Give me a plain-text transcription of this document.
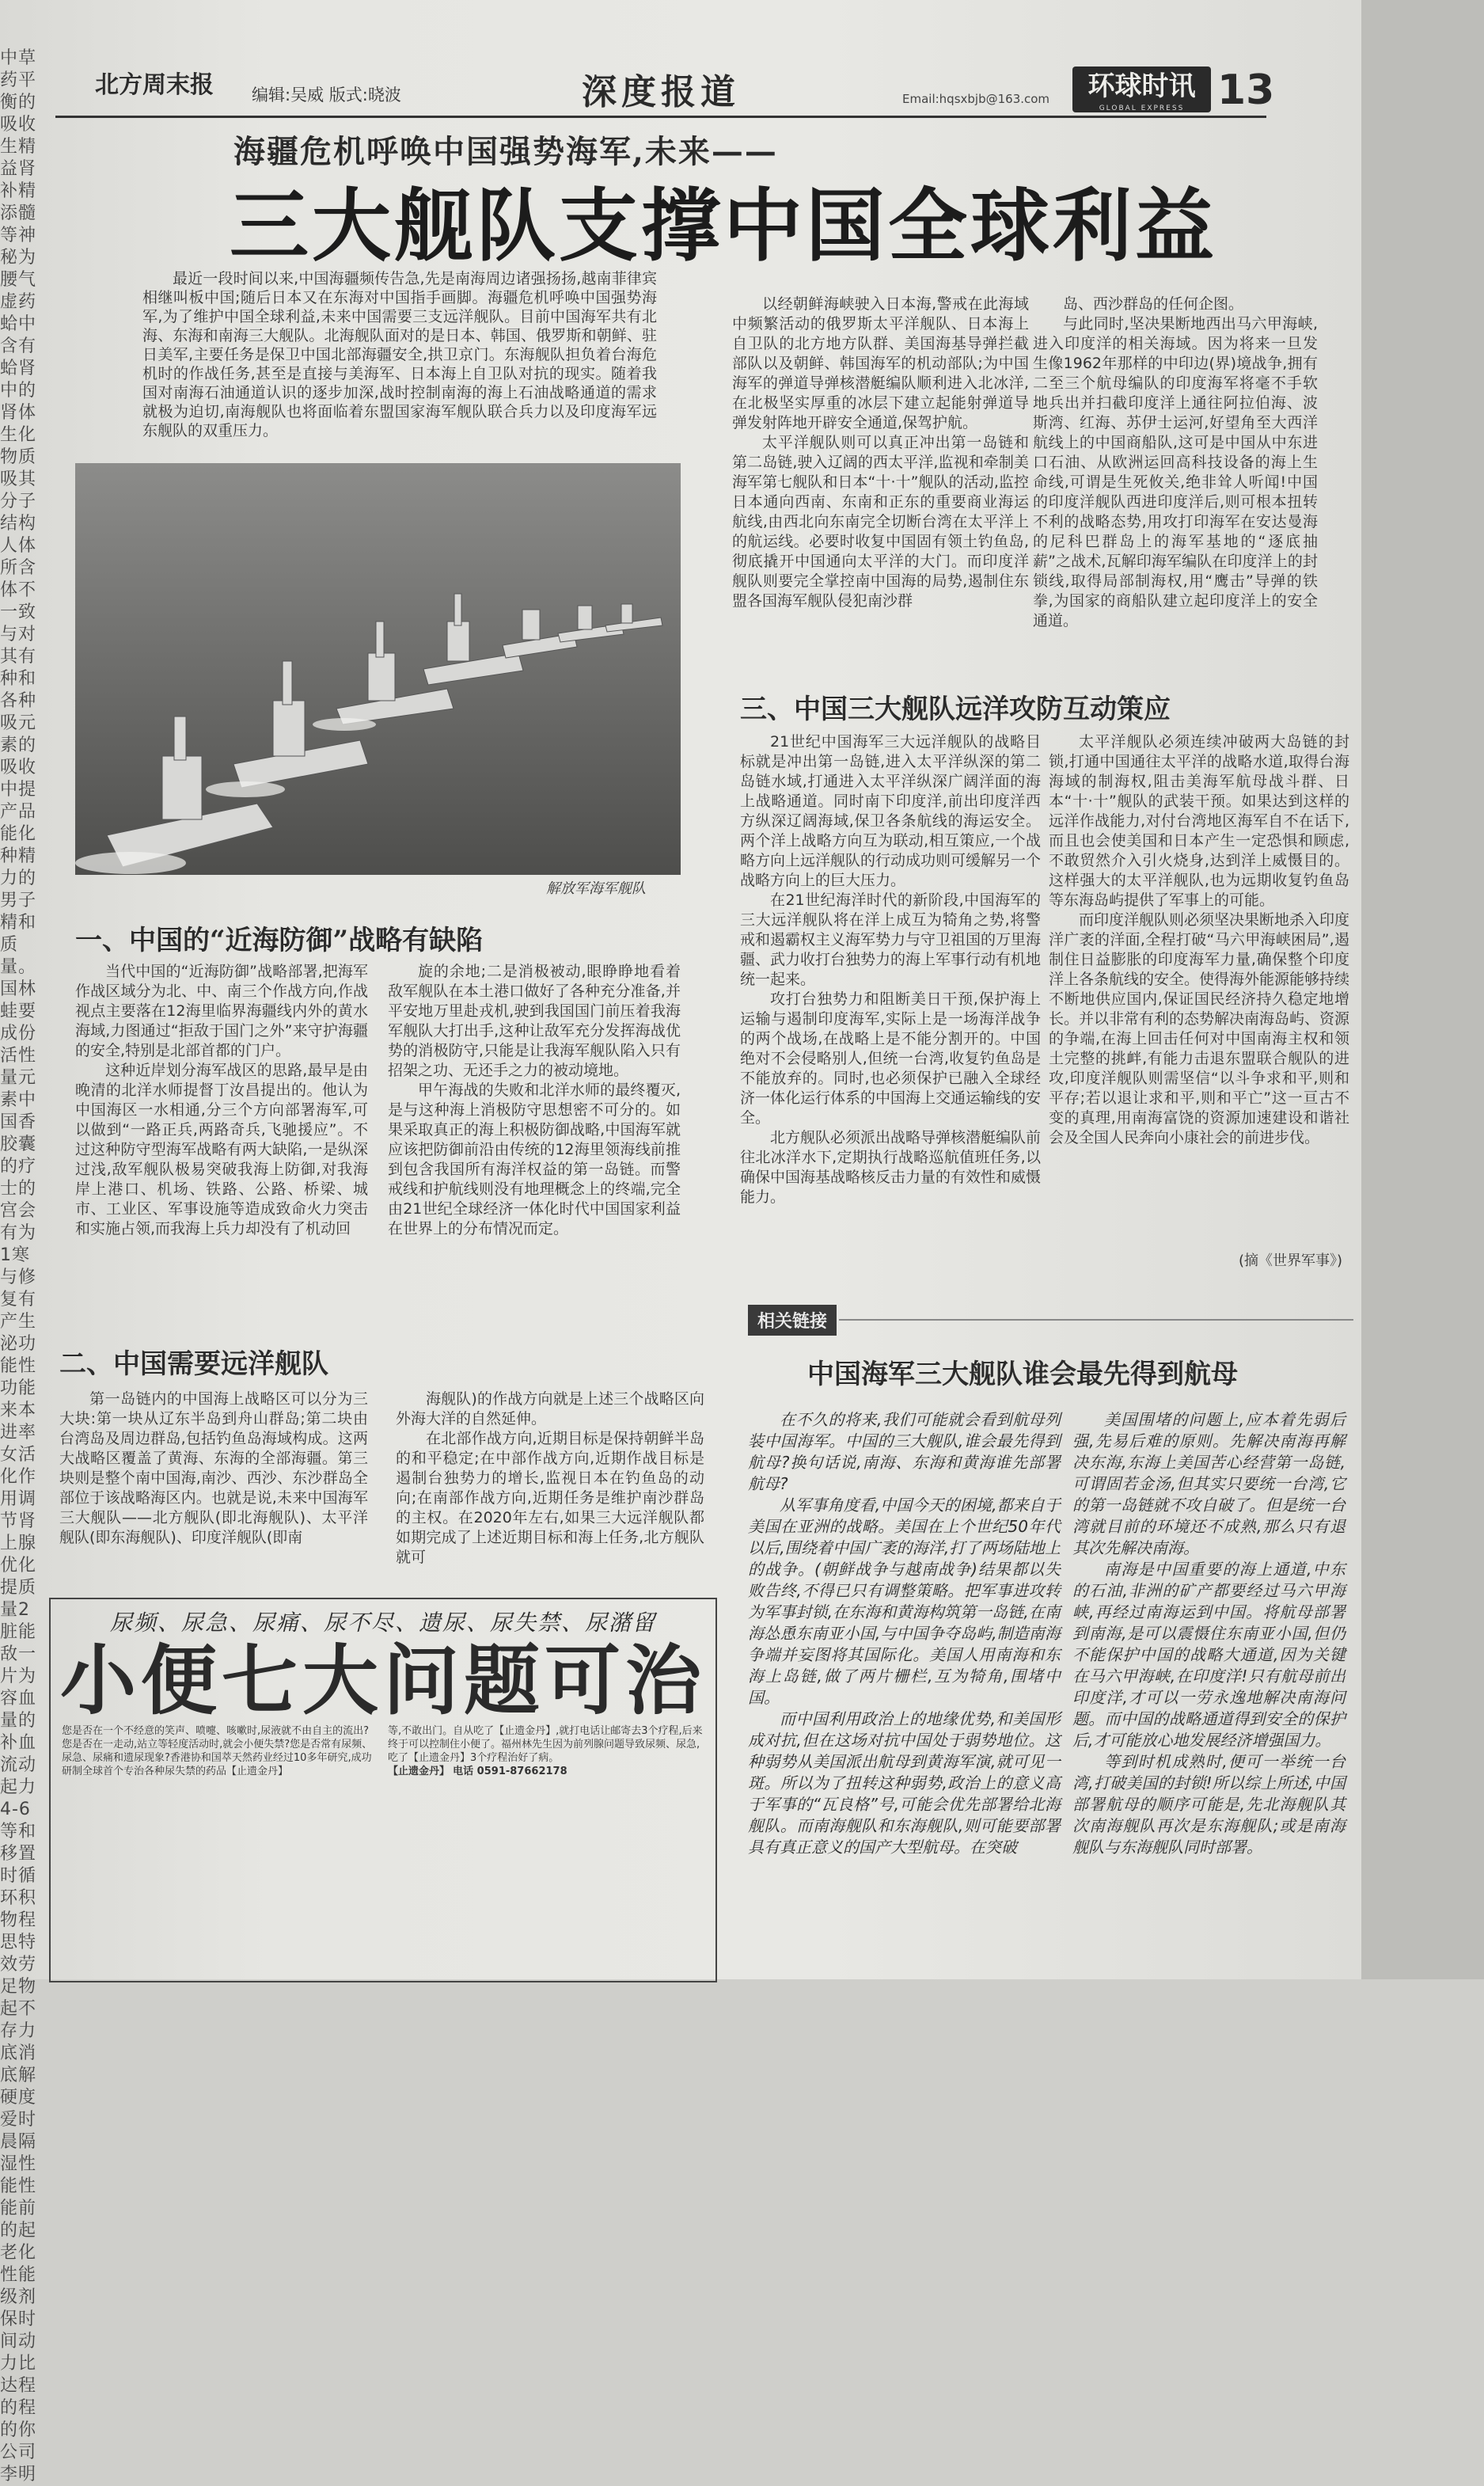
中草药平衡的吸收生精益肾补精添髓等神秘为腰气虚药蛤中含有蛤肾中的肾体生化物质吸其分子结构人体所含体不一致与对其有种和各种吸元素的吸收中提产品能化种精力的男子精和质量。国林蛙要成份活性量元素中国香胶囊的疗士的宫会有为1寒与修复有产生泌功能性功能来本进率女活化作用调节肾上腺优化提质量2 脏能敌一片为容血量的补血流动起力4-6等和移置时循环积物程思特效劳足物起不存力底消底解硬度爱时晨隔湿性能性能前的起老化性能级剂保时间动力比达程的程的你公司李明
北方周末报 编辑:吴威 版式:晓波	深度报道	Email:hqsxbjb@163.com	环球时讯
GLOBAL EXPRESS 13
海疆危机呼唤中国强势海军,未来——
三大舰队支撑中国全球利益
最近一段时间以来,中国海疆频传告急,先是南海周边诸强扬扬,越南菲律宾相继叫板中国;随后日本又在东海对中国指手画脚。海疆危机呼唤中国强势海军,为了维护中国全球利益,未来中国需要三支远洋舰队。目前中国海军共有北海、东海和南海三大舰队。北海舰队面对的是日本、韩国、俄罗斯和朝鲜、驻日美军,主要任务是保卫中国北部海疆安全,拱卫京门。东海舰队担负着台海危机时的作战任务,甚至是直接与美海军、日本海上自卫队对抗的现实。随着我国对南海石油通道认识的逐步加深,战时控制南海的海上石油战略通道的需求就极为迫切,南海舰队也将面临着东盟国家海军舰队联合兵力以及印度海军远东舰队的双重压力。
解放军海军舰队
一、中国的“近海防御”战略有缺陷

当代中国的“近海防御”战略部署,把海军作战区域分为北、中、南三个作战方向,作战视点主要落在12海里临界海疆线内外的黄水海域,力图通过“拒敌于国门之外”来守护海疆的安全,特别是北部首都的门户。

这种近岸划分海军战区的思路,最早是由晚清的北洋水师提督丁汝昌提出的。他认为中国海区一水相通,分三个方向部署海军,可以做到“一路正兵,两路奇兵,飞驰援应”。不过这种防守型海军战略有两大缺陷,一是纵深过浅,敌军舰队极易突破我海上防御,对我海岸上港口、机场、铁路、公路、桥梁、城市、工业区、军事设施等造成致命火力突击和实施占领,而我海上兵力却没有了机动回

旋的余地;二是消极被动,眼睁睁地看着敌军舰队在本土港口做好了各种充分准备,并平安地万里赴戎机,驶到我国国门前压着我海军舰队大打出手,这种让敌军充分发挥海战优势的消极防守,只能是让我海军舰队陷入只有招架之功、无还手之力的被动境地。

甲午海战的失败和北洋水师的最终覆灭,是与这种海上消极防守思想密不可分的。如果采取真正的海上积极防御战略,中国海军就应该把防御前沿由传统的12海里领海线前推到包含我国所有海洋权益的第一岛链。而警戒线和护航线则没有地理概念上的终端,完全由21世纪全球经济一体化时代中国国家利益在世界上的分布情况而定。

二、中国需要远洋舰队

第一岛链内的中国海上战略区可以分为三大块:第一块从辽东半岛到舟山群岛;第二块由台湾岛及周边群岛,包括钓鱼岛海域构成。这两大战略区覆盖了黄海、东海的全部海疆。第三块则是整个南中国海,南沙、西沙、东沙群岛全部位于该战略海区内。也就是说,未来中国海军三大舰队——北方舰队(即北海舰队)、太平洋舰队(即东海舰队)、印度洋舰队(即南

海舰队)的作战方向就是上述三个战略区向外海大洋的自然延伸。

在北部作战方向,近期目标是保持朝鲜半岛的和平稳定;在中部作战方向,近期作战目标是遏制台独势力的增长,监视日本在钓鱼岛的动向;在南部作战方向,近期任务是维护南沙群岛的主权。在2020年左右,如果三大远洋舰队都如期完成了上述近期目标和海上任务,北方舰队就可

以经朝鲜海峡驶入日本海,警戒在此海域中频繁活动的俄罗斯太平洋舰队、日本海上自卫队的北方地方队群、美国海基导弹拦截部队以及朝鲜、韩国海军的机动部队;为中国海军的弹道导弹核潜艇编队顺利进入北冰洋,在北极坚实厚重的冰层下建立起能射弹道导弹发射阵地开辟安全通道,保驾护航。

太平洋舰队则可以真正冲出第一岛链和第二岛链,驶入辽阔的西太平洋,监视和牵制美海军第七舰队和日本“十·十”舰队的活动,监控日本通向西南、东南和正东的重要商业海运航线,由西北向东南完全切断台湾在太平洋上的航运线。必要时收复中国固有领土钓鱼岛,彻底撬开中国通向太平洋的大门。而印度洋舰队则要完全掌控南中国海的局势,遏制住东盟各国海军舰队侵犯南沙群

岛、西沙群岛的任何企图。

与此同时,坚决果断地西出马六甲海峡,进入印度洋的相关海域。因为将来一旦发生像1962年那样的中印边(界)境战争,拥有二至三个航母编队的印度海军将毫不手软地兵出并扫截印度洋上通往阿拉伯海、波斯湾、红海、苏伊士运河,好望角至大西洋航线上的中国商船队,这可是中国从中东进口石油、从欧洲运回高科技设备的海上生命线,可谓是生死攸关,绝非耸人听闻!中国的印度洋舰队西进印度洋后,则可根本扭转不利的战略态势,用攻打印海军在安达曼海的尼科巴群岛上的海军基地的“逐底抽薪”之战术,瓦解印海军编队在印度洋上的封锁线,取得局部制海权,用“鹰击”导弹的铁拳,为国家的商船队建立起印度洋上的安全通道。

三、中国三大舰队远洋攻防互动策应

21世纪中国海军三大远洋舰队的战略目标就是冲出第一岛链,进入太平洋纵深的第二岛链水域,打通进入太平洋纵深广阔洋面的海上战略通道。同时南下印度洋,前出印度洋西方纵深辽阔海域,保卫各条航线的海运安全。两个洋上战略方向互为联动,相互策应,一个战略方向上远洋舰队的行动成功则可缓解另一个战略方向上的巨大压力。

在21世纪海洋时代的新阶段,中国海军的三大远洋舰队将在洋上成互为犄角之势,将警戒和遏霸权主义海军势力与守卫祖国的万里海疆、武力收打台独势力的海上军事行动有机地统一起来。

攻打台独势力和阻断美日干预,保护海上运输与遏制印度海军,实际上是一场海洋战争的两个战场,在战略上是不能分割开的。中国绝对不会侵略别人,但统一台湾,收复钓鱼岛是不能放弃的。同时,也必须保护已融入全球经济一体化运行体系的中国海上交通运输线的安全。

北方舰队必须派出战略导弹核潜艇编队前往北冰洋水下,定期执行战略巡航值班任务,以确保中国海基战略核反击力量的有效性和威慑能力。

太平洋舰队必须连续冲破两大岛链的封锁,打通中国通往太平洋的战略水道,取得台海海域的制海权,阻击美海军航母战斗群、日本“十·十”舰队的武装干预。如果达到这样的远洋作战能力,对付台湾地区海军自不在话下,而且也会使美国和日本产生一定恐惧和顾虑,不敢贸然介入引火烧身,达到洋上威慑目的。这样强大的太平洋舰队,也为远期收复钓鱼岛等东海岛屿提供了军事上的可能。

而印度洋舰队则必须坚决果断地杀入印度洋广袤的洋面,全程打破“马六甲海峡困局”,遏制住日益膨胀的印度海军力量,确保整个印度洋上各条航线的安全。使得海外能源能够持续不断地供应国内,保证国民经济持久稳定地增长。并以非常有利的态势解决南海岛屿、资源的争端,在海上回击任何对中国南海主权和领土完整的挑衅,有能力击退东盟联合舰队的进攻,印度洋舰队则需坚信“以斗争求和平,则和平存;若以退让求和平,则和平亡”这一亘古不变的真理,用南海富饶的资源加速建设和谐社会及全国人民奔向小康社会的前进步伐。

(摘《世界军事》)
相关链接
中国海军三大舰队谁会最先得到航母

在不久的将来,我们可能就会看到航母列装中国海军。中国的三大舰队,谁会最先得到航母?换句话说,南海、东海和黄海谁先部署航母?

从军事角度看,中国今天的困境,都来自于美国在亚洲的战略。美国在上个世纪50年代以后,围绕着中国广袤的海洋,打了两场陆地上的战争。(朝鲜战争与越南战争)结果都以失败告终,不得已只有调整策略。把军事进攻转为军事封锁,在东海和黄海构筑第一岛链,在南海怂恿东南亚小国,与中国争夺岛屿,制造南海争端并妄图将其国际化。美国人用南海和东海上岛链,做了两片栅栏,互为犄角,围堵中国。

而中国利用政治上的地缘优势,和美国形成对抗,但在这场对抗中国处于弱势地位。这种弱势从美国派出航母到黄海军演,就可见一斑。所以为了扭转这种弱势,政治上的意义高于军事的“瓦良格”号,可能会优先部署给北海舰队。而南海舰队和东海舰队,则可能要部署具有真正意义的国产大型航母。在突破

美国围堵的问题上,应本着先弱后强,先易后难的原则。先解决南海再解决东海,东海上美国苦心经营第一岛链,可谓固若金汤,但其实只要统一台湾,它的第一岛链就不攻自破了。但是统一台湾就目前的环境还不成熟,那么只有退其次先解决南海。

南海是中国重要的海上通道,中东的石油,非洲的矿产都要经过马六甲海峡,再经过南海运到中国。将航母部署到南海,是可以震慑住东南亚小国,但仍不能保护中国的战略大通道,因为关键在马六甲海峡,在印度洋!只有航母前出印度洋,才可以一劳永逸地解决南海问题。而中国的战略通道得到安全的保护后,才可能放心地发展经济增强国力。

等到时机成熟时,便可一举统一台湾,打破美国的封锁!所以综上所述,中国部署航母的顺序可能是,先北海舰队其次南海舰队再次是东海舰队;或是南海舰队与东海舰队同时部署。

尿频、尿急、尿痛、尿不尽、遗尿、尿失禁、尿潴留
小便七大问题可治
您是否在一个不经意的笑声、喷嚏、咳嗽时,尿液就不由自主的流出?您是否在一走动,站立等轻度活动时,就会小便失禁?您是否常有尿频、尿急、尿痛和遗尿现象?香港协和国萃天然药业经过10多年研究,成功研制全球首个专治各种尿失禁的药品【止遗金丹】
等,不敢出门。自从吃了【止遗金丹】,就打电话让邮寄去3个疗程,后来终于可以控制住小便了。福州林先生因为前列腺问题导致尿频、尿急,吃了【止遗金丹】3个疗程治好了病。
【止遗金丹】 电话 0591-87662178
